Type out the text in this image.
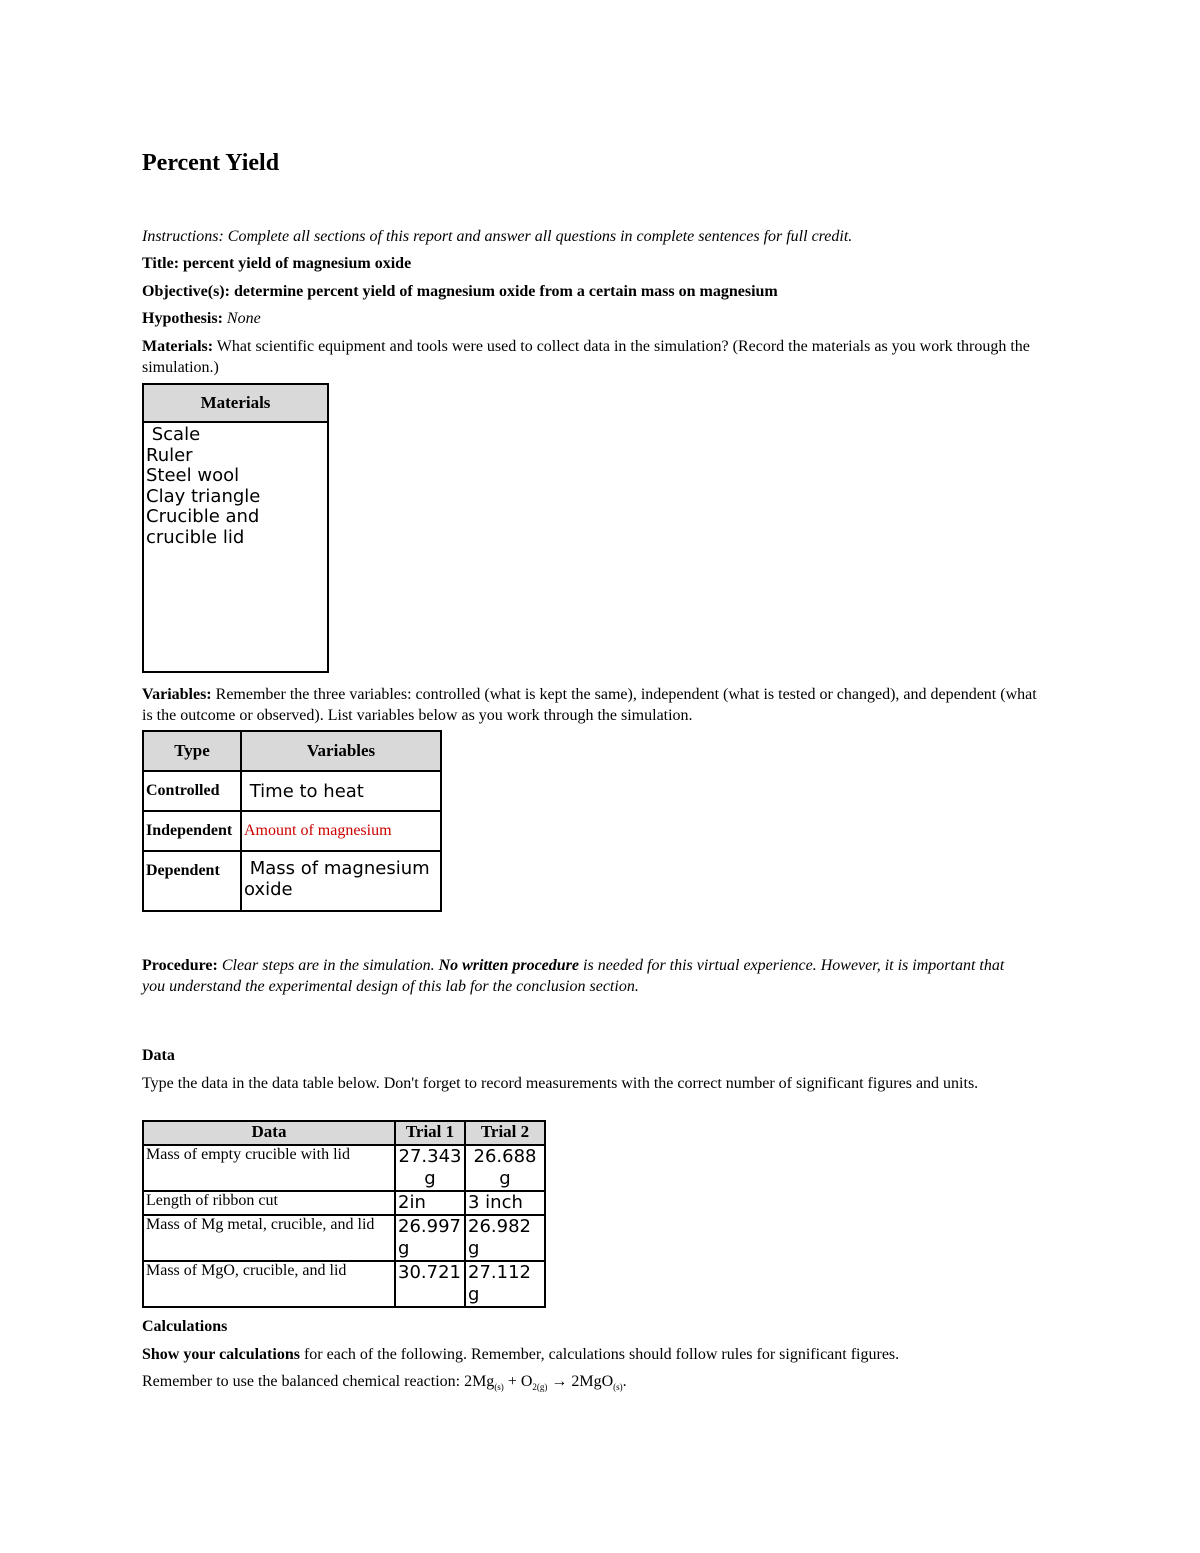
Percent Yield
Instructions: Complete all sections of this report and answer all questions in complete sentences for full credit.
Title: percent yield of magnesium oxide
Objective(s): determine percent yield of magnesium oxide from a certain mass on magnesium
Hypothesis: None
Materials: What scientific equipment and tools were used to collect data in the simulation? (Record the materials as you work through the simulation.)
Materials

Scale
Ruler
Steel wool
Clay triangle
Crucible and
crucible lid
Variables: Remember the three variables: controlled (what is kept the same), independent (what is tested or changed), and dependent (what is the outcome or observed). List variables below as you work through the simulation.
Type	Variables
Controlled	Time to heat
Independent	Amount of magnesium
Dependent	Mass of magnesium oxide
Procedure: Clear steps are in the simulation. No written procedure is needed for this virtual experience. However, it is important that you understand the experimental design of this lab for the conclusion section.
Data
Type the data in the data table below. Don't forget to record measurements with the correct number of significant figures and units.
Data	Trial 1	Trial 2
Mass of empty crucible with lid	27.343 g	26.688 g
Length of ribbon cut	2in	3 inch
Mass of Mg metal, crucible, and lid	26.997 g	26.982 g
Mass of MgO, crucible, and lid	30.721	27.112 g
Calculations
Show your calculations for each of the following. Remember, calculations should follow rules for significant figures.
Remember to use the balanced chemical reaction: $2Mg_{(s)} + O_{2(g)} \to 2MgO_{(s)}$.
